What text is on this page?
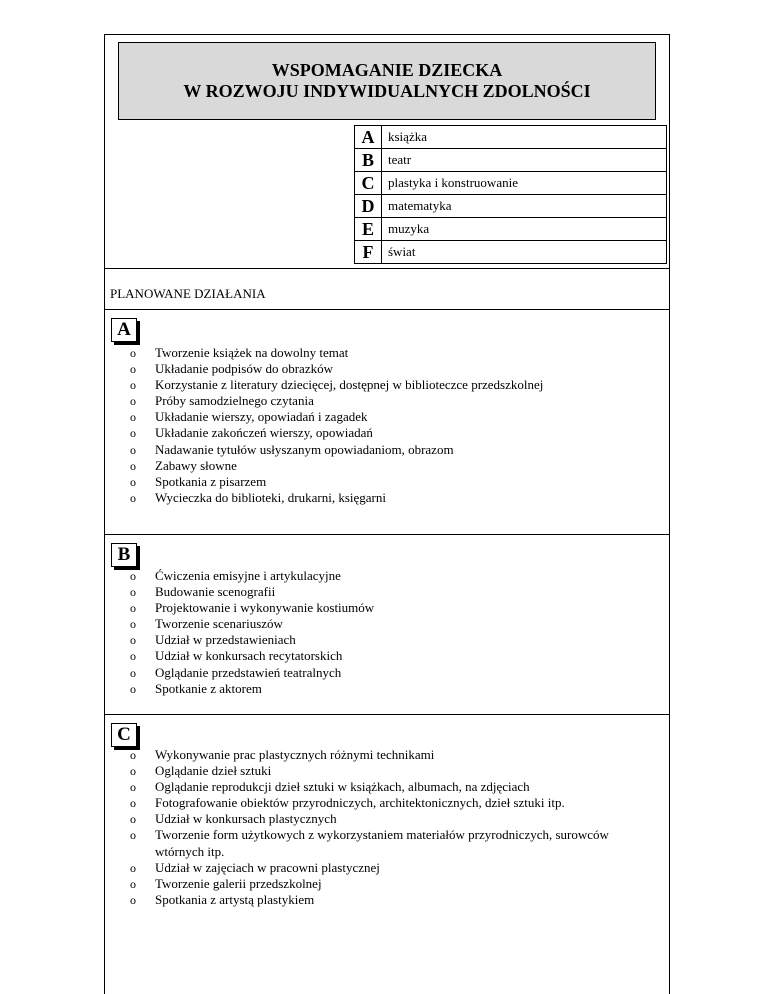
WSPOMAGANIE DZIECKA
W ROZWOJU INDYWIDUALNYCH ZDOLNOŚCI
A	książka
B	teatr
C	plastyka i konstruowanie
D	matematyka
E	muzyka
F	świat
PLANOWANE DZIAŁANIA
A
o Tworzenie książek na dowolny temat
o Układanie podpisów do obrazków
o Korzystanie z literatury dziecięcej, dostępnej w biblioteczce przedszkolnej
o Próby samodzielnego czytania
o Układanie wierszy, opowiadań i zagadek
o Układanie zakończeń wierszy, opowiadań
o Nadawanie tytułów usłyszanym opowiadaniom, obrazom
o Zabawy słowne
o Spotkania z pisarzem
o Wycieczka do biblioteki, drukarni, księgarni
B
o Ćwiczenia emisyjne i artykulacyjne
o Budowanie scenografii
o Projektowanie i wykonywanie kostiumów
o Tworzenie scenariuszów
o Udział w przedstawieniach
o Udział w konkursach recytatorskich
o Oglądanie przedstawień teatralnych
o Spotkanie z aktorem
C
o Wykonywanie prac plastycznych różnymi technikami
o Oglądanie dzieł sztuki
o Oglądanie reprodukcji dzieł sztuki w książkach, albumach, na zdjęciach
o Fotografowanie obiektów przyrodniczych, architektonicznych, dzieł sztuki itp.
o Udział w konkursach plastycznych
o Tworzenie form użytkowych z wykorzystaniem materiałów przyrodniczych, surowców wtórnych itp.
o Udział w zajęciach w pracowni plastycznej
o Tworzenie galerii przedszkolnej
o Spotkania z artystą plastykiem
